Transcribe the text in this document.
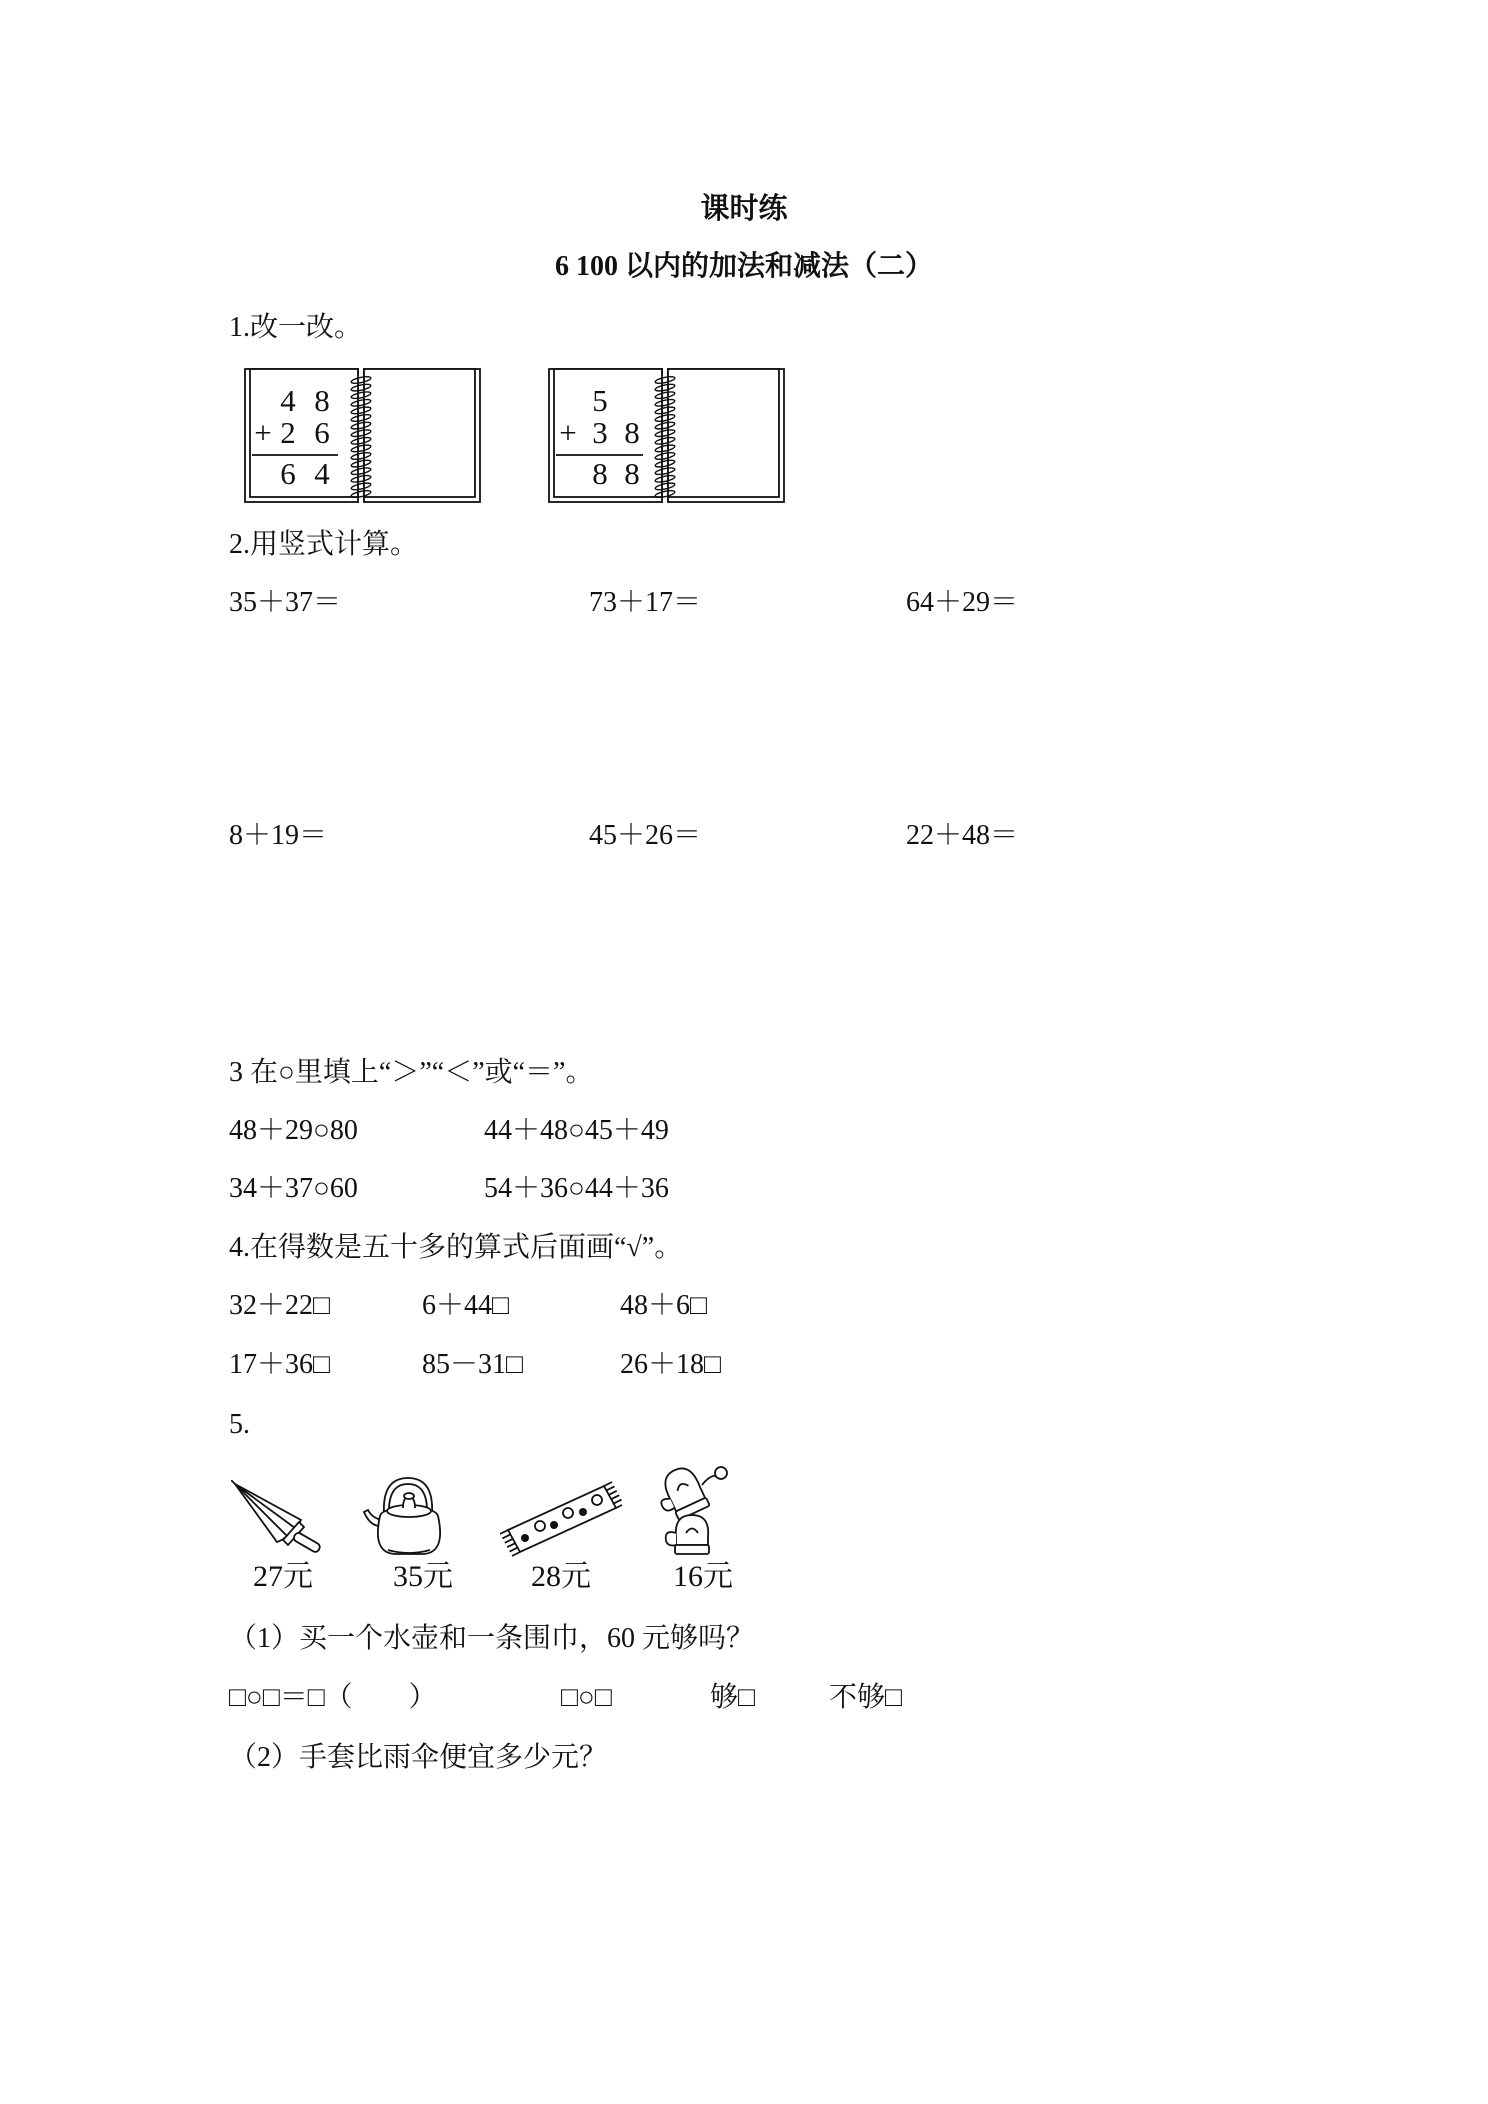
课时练
6 100 以内的加法和减法（二）
1.改一改。
4 8
+ 2 6
6 4
5
+ 3 8
8 8
2.用竖式计算。
35＋37＝	73＋17＝	64＋29＝
8＋19＝	45＋26＝	22＋48＝
3 在○里填上“＞”“＜”或“＝”。
48＋29○80	44＋48○45＋49
34＋37○60	54＋36○44＋36
4.在得数是五十多的算式后面画“√”。
32＋22□	6＋44□	48＋6□
17＋36□	85－31□	26＋18□
5.
27元	35元	28元	16元
（1）买一个水壶和一条围巾，60 元够吗？
□○□＝□（　　）	□○□	够□	不够□
（2）手套比雨伞便宜多少元？
